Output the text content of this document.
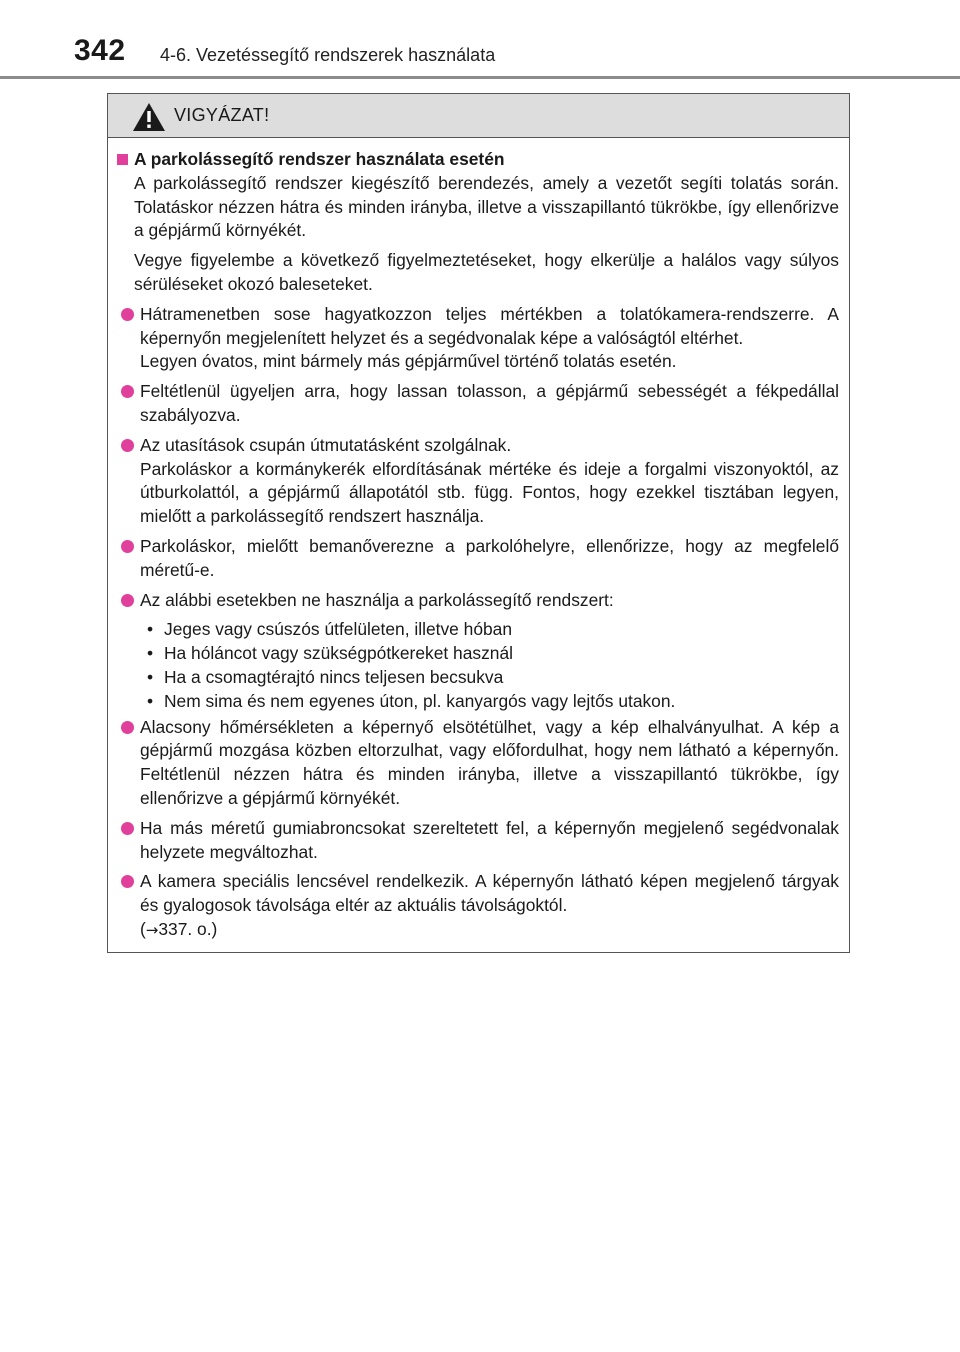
342 4-6. Vezetéssegítő rendszerek használata
VIGYÁZAT!
A parkolássegítő rendszer használata esetén
A parkolássegítő rendszer kiegészítő berendezés, amely a vezetőt segíti tolatás során. Tolatáskor nézzen hátra és minden irányba, illetve a visszapillantó tükrökbe, így ellenőrizve a gépjármű környékét.
Vegye figyelembe a következő figyelmeztetéseket, hogy elkerülje a halálos vagy súlyos sérüléseket okozó baleseteket.
Hátramenetben sose hagyatkozzon teljes mértékben a tolatókamera-rendszerre. A képernyőn megjelenített helyzet és a segédvonalak képe a valóságtól eltérhet.
Legyen óvatos, mint bármely más gépjárművel történő tolatás esetén.
Feltétlenül ügyeljen arra, hogy lassan tolasson, a gépjármű sebességét a fékpedállal szabályozva.
Az utasítások csupán útmutatásként szolgálnak.
Parkoláskor a kormánykerék elfordításának mértéke és ideje a forgalmi viszonyoktól, az útburkolattól, a gépjármű állapotától stb. függ. Fontos, hogy ezekkel tisztában legyen, mielőtt a parkolássegítő rendszert használja.
Parkoláskor, mielőtt bemanőverezne a parkolóhelyre, ellenőrizze, hogy az megfelelő méretű-e.
Az alábbi esetekben ne használja a parkolássegítő rendszert:
• Jeges vagy csúszós útfelületen, illetve hóban
• Ha hóláncot vagy szükségpótkereket használ
• Ha a csomagtérajtó nincs teljesen becsukva
• Nem sima és nem egyenes úton, pl. kanyargós vagy lejtős utakon.
Alacsony hőmérsékleten a képernyő elsötétülhet, vagy a kép elhalványulhat. A kép a gépjármű mozgása közben eltorzulhat, vagy előfordulhat, hogy nem látható a képernyőn. Feltétlenül nézzen hátra és minden irányba, illetve a visszapillantó tükrökbe, így ellenőrizve a gépjármű környékét.
Ha más méretű gumiabroncsokat szereltetett fel, a képernyőn megjelenő segédvonalak helyzete megváltozhat.
A kamera speciális lencsével rendelkezik. A képernyőn látható képen megjelenő tárgyak és gyalogosok távolsága eltér az aktuális távolságoktól.
(→337. o.)
